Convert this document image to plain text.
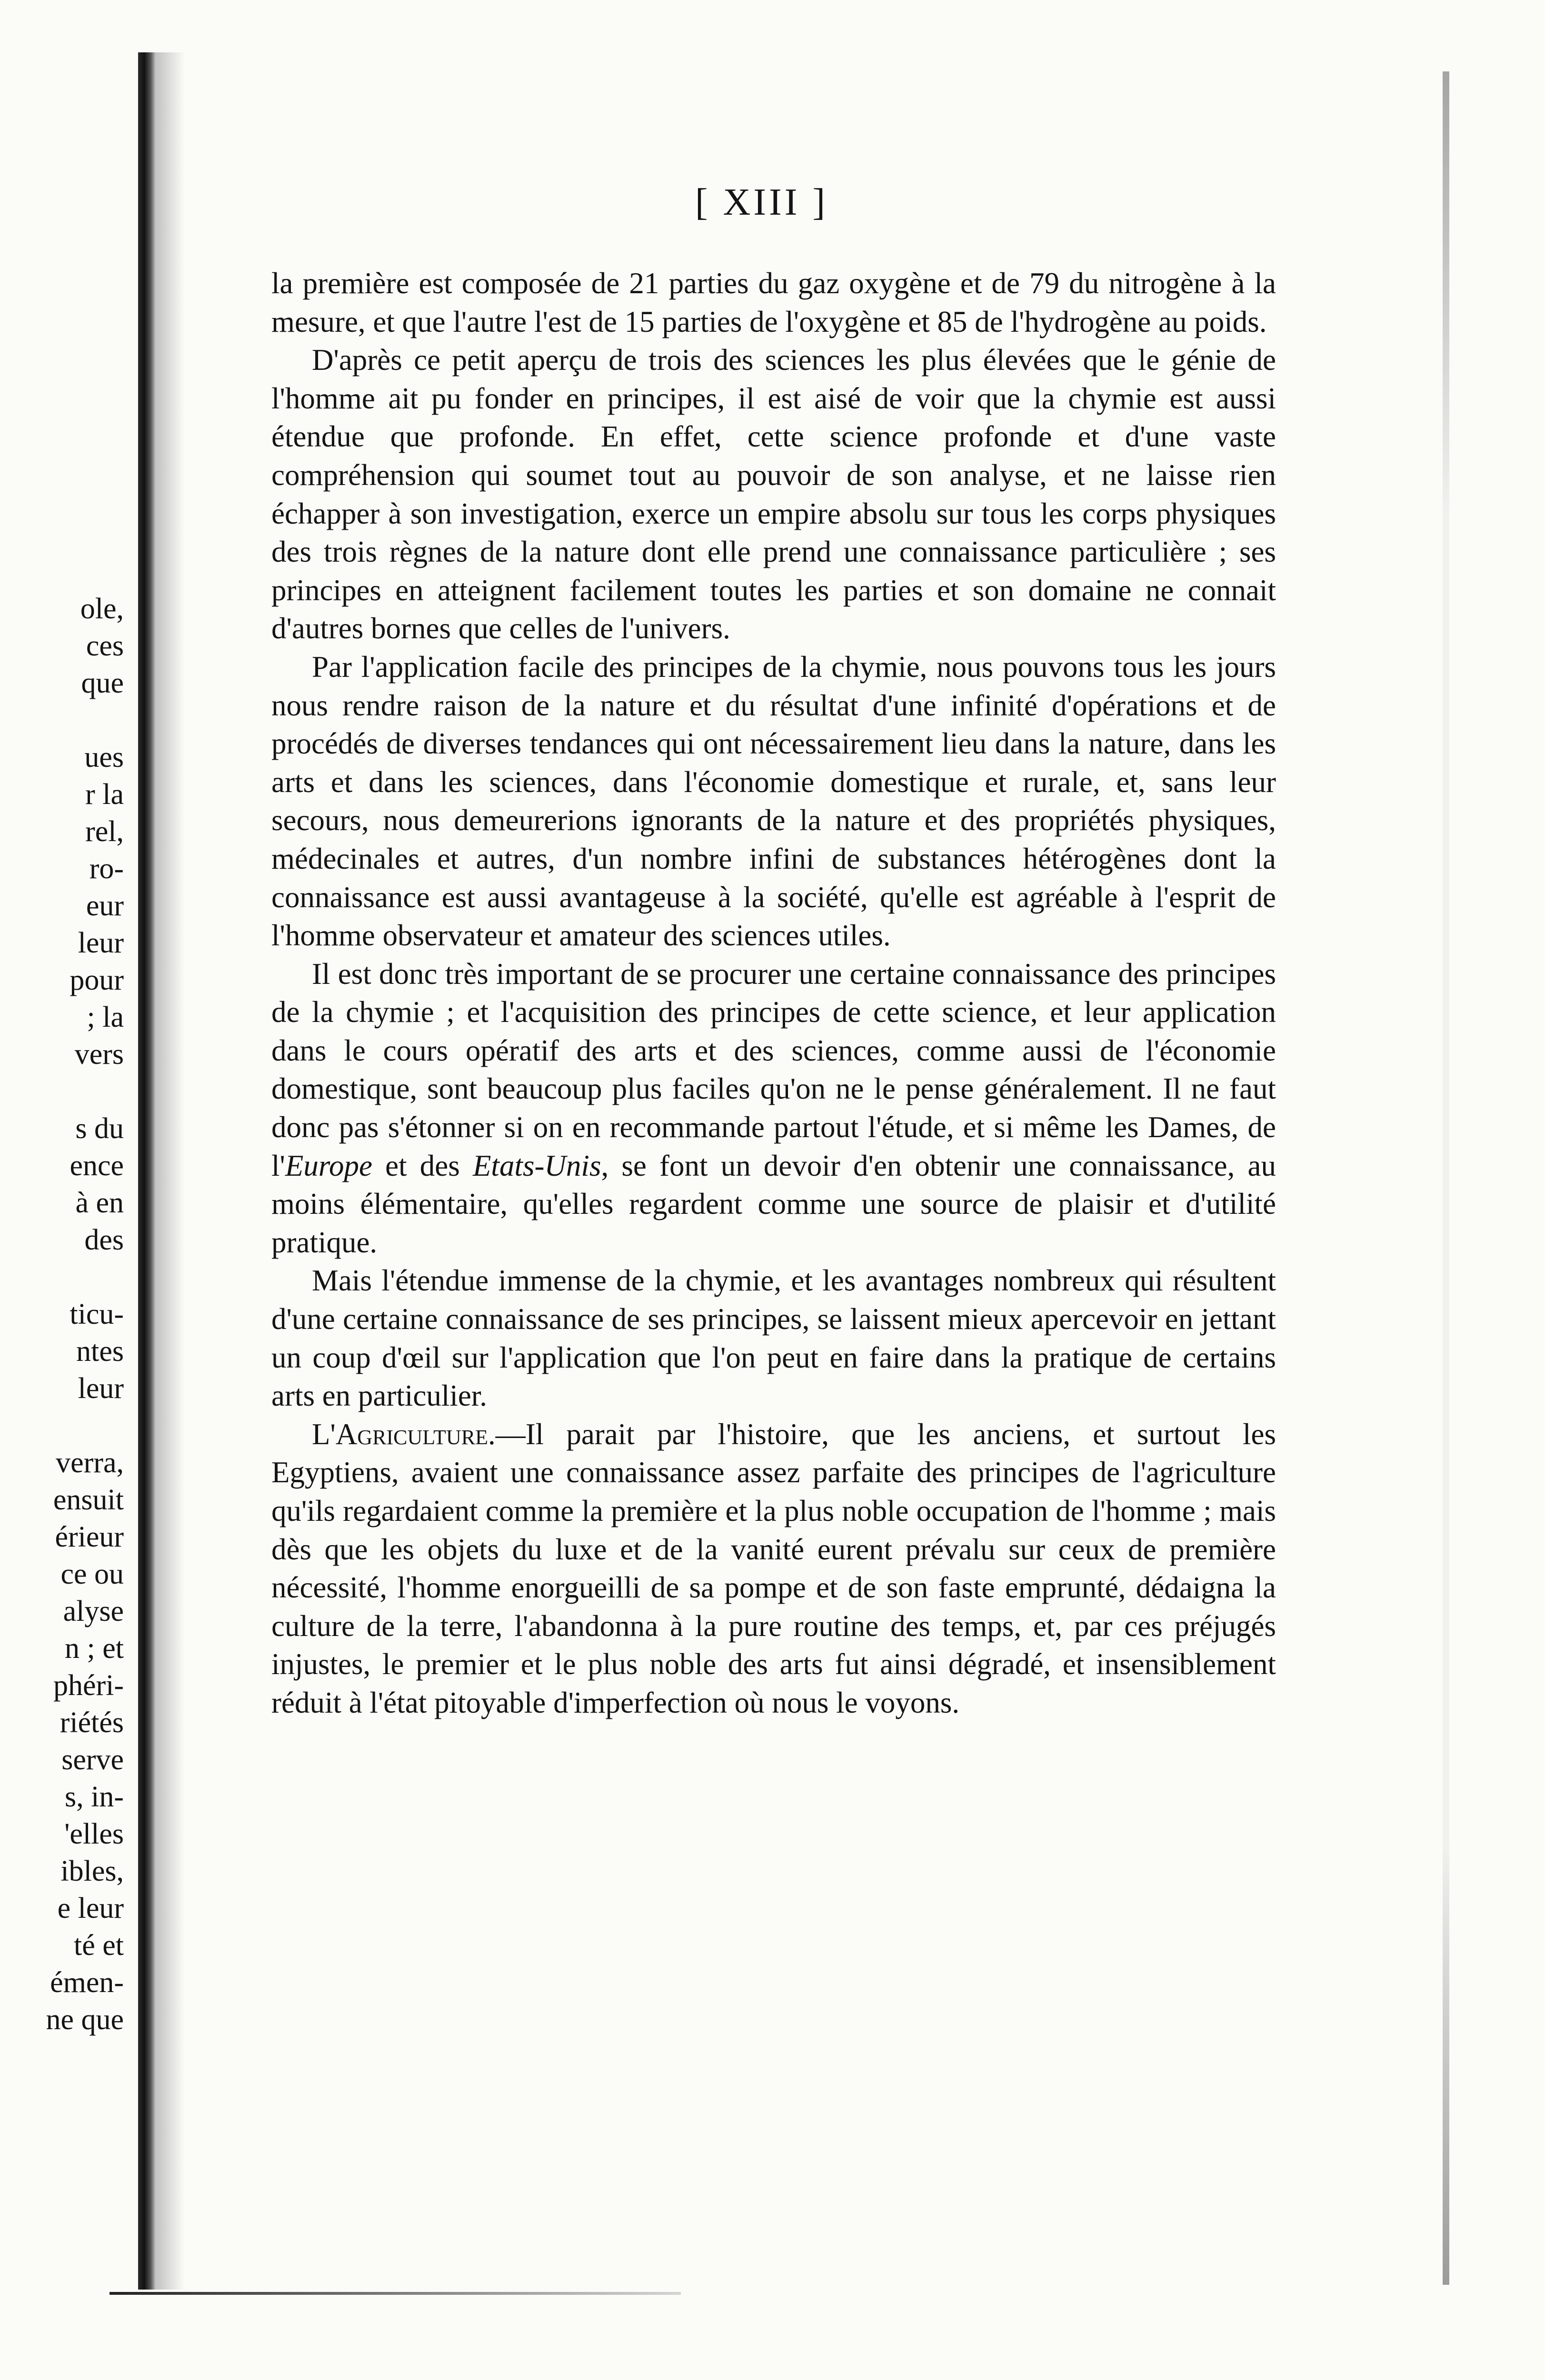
ole,
ces
que
ues
r la
rel,
ro-
eur
leur
pour
; la
vers
s du
ence
à en
des
ticu-
ntes
leur
verra,
ensuit
érieur
ce ou
alyse
n ; et
phéri-
riétés
serve
s, in-
'elles
ibles,
e leur
té et
émen-
ne que
[ XIII ]

la première est composée de 21 parties du gaz oxygène et de 79 du nitrogène à la mesure, et que l'autre l'est de 15 parties de l'oxygène et 85 de l'hydrogène au poids.

D'après ce petit aperçu de trois des sciences les plus élevées que le génie de l'homme ait pu fonder en principes, il est aisé de voir que la chymie est aussi étendue que profonde. En effet, cette science profonde et d'une vaste compréhension qui soumet tout au pouvoir de son analyse, et ne laisse rien échapper à son investigation, exerce un empire absolu sur tous les corps physiques des trois règnes de la nature dont elle prend une connaissance particulière ; ses principes en atteignent facilement toutes les parties et son domaine ne connait d'autres bornes que celles de l'univers.

Par l'application facile des principes de la chymie, nous pouvons tous les jours nous rendre raison de la nature et du résultat d'une infinité d'opérations et de procédés de diverses tendances qui ont nécessairement lieu dans la nature, dans les arts et dans les sciences, dans l'économie domestique et rurale, et, sans leur secours, nous demeurerions ignorants de la nature et des propriétés physiques, médecinales et autres, d'un nombre infini de substances hétérogènes dont la connaissance est aussi avantageuse à la société, qu'elle est agréable à l'esprit de l'homme observateur et amateur des sciences utiles.

Il est donc très important de se procurer une certaine connaissance des principes de la chymie ; et l'acquisition des principes de cette science, et leur application dans le cours opératif des arts et des sciences, comme aussi de l'économie domestique, sont beaucoup plus faciles qu'on ne le pense généralement. Il ne faut donc pas s'étonner si on en recommande partout l'étude, et si même les Dames, de l'Europe et des Etats-Unis, se font un devoir d'en obtenir une connaissance, au moins élémentaire, qu'elles regardent comme une source de plaisir et d'utilité pratique.

Mais l'étendue immense de la chymie, et les avantages nombreux qui résultent d'une certaine connaissance de ses principes, se laissent mieux apercevoir en jettant un coup d'œil sur l'application que l'on peut en faire dans la pratique de certains arts en particulier.

L'Agriculture.—Il parait par l'histoire, que les anciens, et surtout les Egyptiens, avaient une connaissance assez parfaite des principes de l'agriculture qu'ils regardaient comme la première et la plus noble occupation de l'homme ; mais dès que les objets du luxe et de la vanité eurent prévalu sur ceux de première nécessité, l'homme enorgueilli de sa pompe et de son faste emprunté, dédaigna la culture de la terre, l'abandonna à la pure routine des temps, et, par ces préjugés injustes, le premier et le plus noble des arts fut ainsi dégradé, et insensiblement réduit à l'état pitoyable d'imperfection où nous le voyons.
